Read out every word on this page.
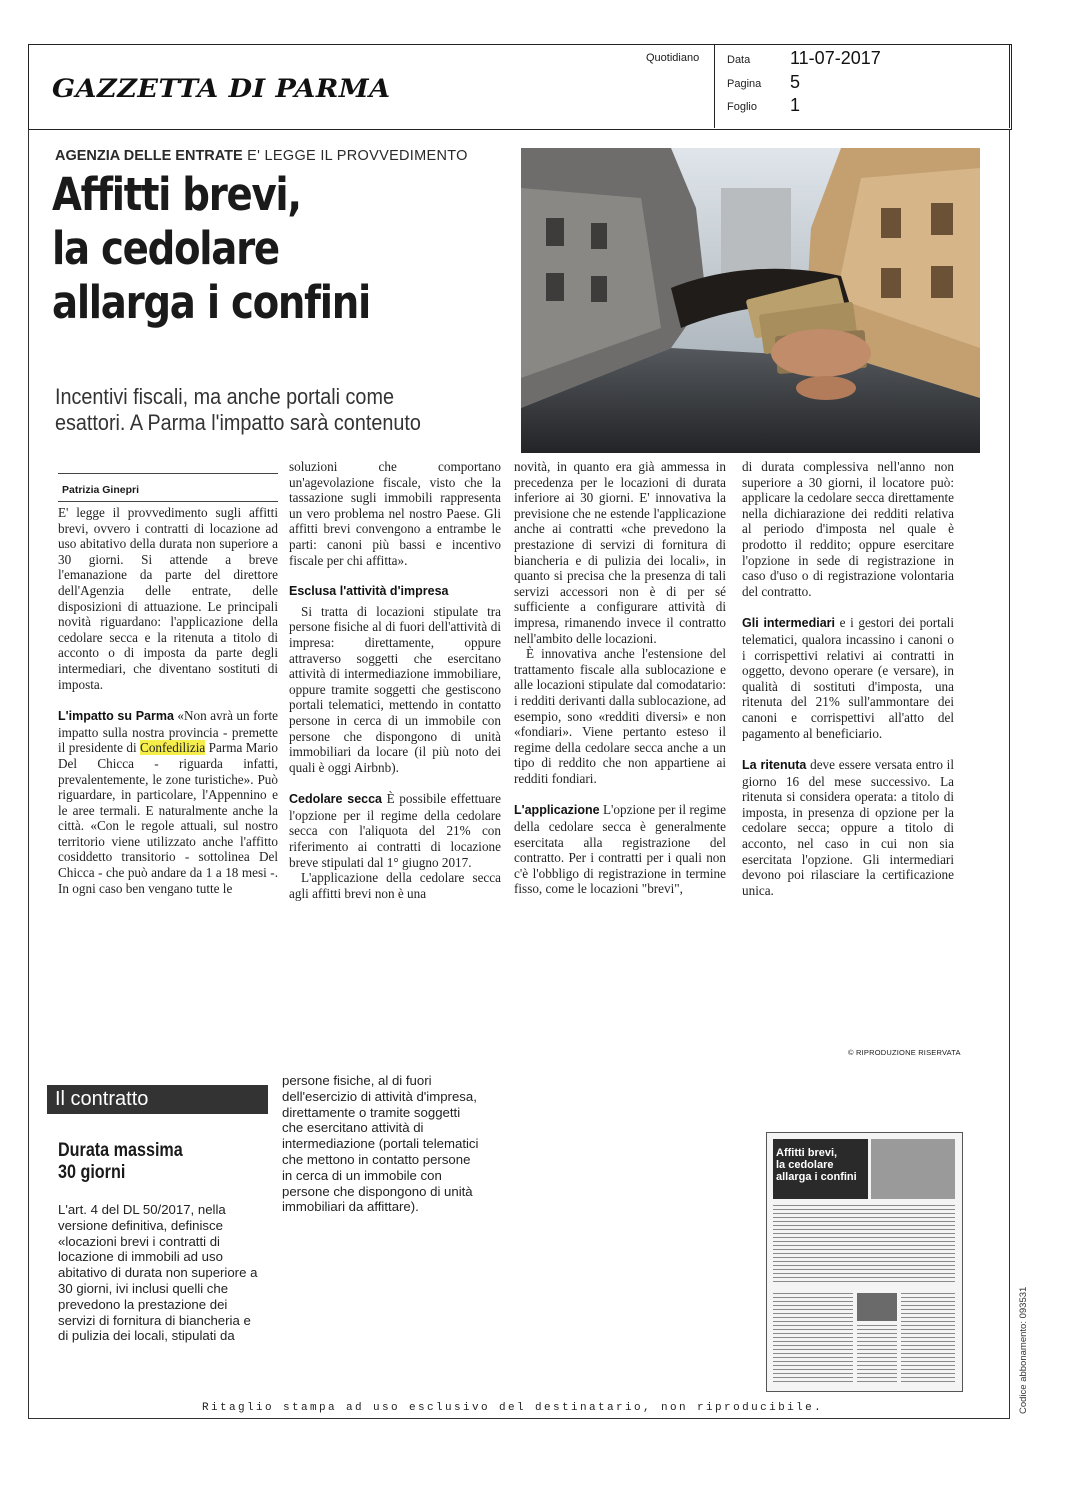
GAZZETTA DI PARMA
Quotidiano	Data 11-07-2017
Pagina 5
Foglio 1
AGENZIA DELLE ENTRATE E' LEGGE IL PROVVEDIMENTO
Affitti brevi,
la cedolare
allarga i confini
Incentivi fiscali, ma anche portali come
esattori. A Parma l'impatto sarà contenuto
Patrizia Ginepri

E' legge il provvedimento sugli affitti brevi, ovvero i contratti di locazione ad uso abitativo della durata non superiore a 30 giorni. Si attende a breve l'emanazione da parte del direttore dell'Agenzia delle entrate, delle disposizioni di attuazione. Le principali novità riguardano: l'applicazione della cedolare secca e la ritenuta a titolo di acconto o di imposta da parte degli intermediari, che diventano sostituti di imposta.

L'impatto su Parma «Non avrà un forte impatto sulla nostra provincia - premette il presidente di Confedilizia Parma Mario Del Chicca - riguarda infatti, prevalentemente, le zone turistiche». Può riguardare, in particolare, l'Appennino e le aree termali. E naturalmente anche la città. «Con le regole attuali, sul nostro territorio viene utilizzato anche l'affitto cosiddetto transitorio - sottolinea Del Chicca - che può andare da 1 a 18 mesi -. In ogni caso ben vengano tutte le

soluzioni che comportano un'agevolazione fiscale, visto che la tassazione sugli immobili rappresenta un vero problema nel nostro Paese. Gli affitti brevi convengono a entrambe le parti: canoni più bassi e incentivo fiscale per chi affitta».

Esclusa l'attività d'impresa

Si tratta di locazioni stipulate tra persone fisiche al di fuori dell'attività di impresa: direttamente, oppure attraverso soggetti che esercitano attività di intermediazione immobiliare, oppure tramite soggetti che gestiscono portali telematici, mettendo in contatto persone in cerca di un immobile con persone che dispongono di unità immobiliari da locare (il più noto dei quali è oggi Airbnb).

Cedolare secca È possibile effettuare l'opzione per il regime della cedolare secca con l'aliquota del 21% con riferimento ai contratti di locazione breve stipulati dal 1° giugno 2017.

L'applicazione della cedolare secca agli affitti brevi non è una

novità, in quanto era già ammessa in precedenza per le locazioni di durata inferiore ai 30 giorni. E' innovativa la previsione che ne estende l'applicazione anche ai contratti «che prevedono la prestazione di servizi di fornitura di biancheria e di pulizia dei locali», in quanto si precisa che la presenza di tali servizi accessori non è di per sé sufficiente a configurare attività di impresa, rimanendo invece il contratto nell'ambito delle locazioni.

È innovativa anche l'estensione del trattamento fiscale alla sublocazione e alle locazioni stipulate dal comodatario: i redditi derivanti dalla sublocazione, ad esempio, sono «redditi diversi» e non «fondiari». Viene pertanto esteso il regime della cedolare secca anche a un tipo di reddito che non appartiene ai redditi fondiari.

L'applicazione L'opzione per il regime della cedolare secca è generalmente esercitata alla registrazione del contratto. Per i contratti per i quali non c'è l'obbligo di registrazione in termine fisso, come le locazioni "brevi",

di durata complessiva nell'anno non superiore a 30 giorni, il locatore può: applicare la cedolare secca direttamente nella dichiarazione dei redditi relativa al periodo d'imposta nel quale è prodotto il reddito; oppure esercitare l'opzione in sede di registrazione in caso d'uso o di registrazione volontaria del contratto.

Gli intermediari e i gestori dei portali telematici, qualora incassino i canoni o i corrispettivi relativi ai contratti in oggetto, devono operare (e versare), in qualità di sostituti d'imposta, una ritenuta del 21% sull'ammontare dei canoni e corrispettivi all'atto del pagamento al beneficiario.

La ritenuta deve essere versata entro il giorno 16 del mese successivo. La ritenuta si considera operata: a titolo di imposta, in presenza di opzione per la cedolare secca; oppure a titolo di acconto, nel caso in cui non sia esercitata l'opzione. Gli intermediari devono poi rilasciare la certificazione unica.

© RIPRODUZIONE RISERVATA
Il contratto
Durata massima
30 giorni
L'art. 4 del DL 50/2017, nella versione definitiva, definisce «locazioni brevi i contratti di locazione di immobili ad uso abitativo di durata non superiore a 30 giorni, ivi inclusi quelli che prevedono la prestazione dei servizi di fornitura di biancheria e di pulizia dei locali, stipulati da
persone fisiche, al di fuori dell'esercizio di attività d'impresa, direttamente o tramite soggetti che esercitano attività di intermediazione (portali telematici che mettono in contatto persone in cerca di un immobile con persone che dispongono di unità immobiliari da affittare).
Affitti brevi,
la cedolare
allarga i confini
Codice abbonamento: 093531
Ritaglio stampa ad uso esclusivo del destinatario, non riproducibile.
